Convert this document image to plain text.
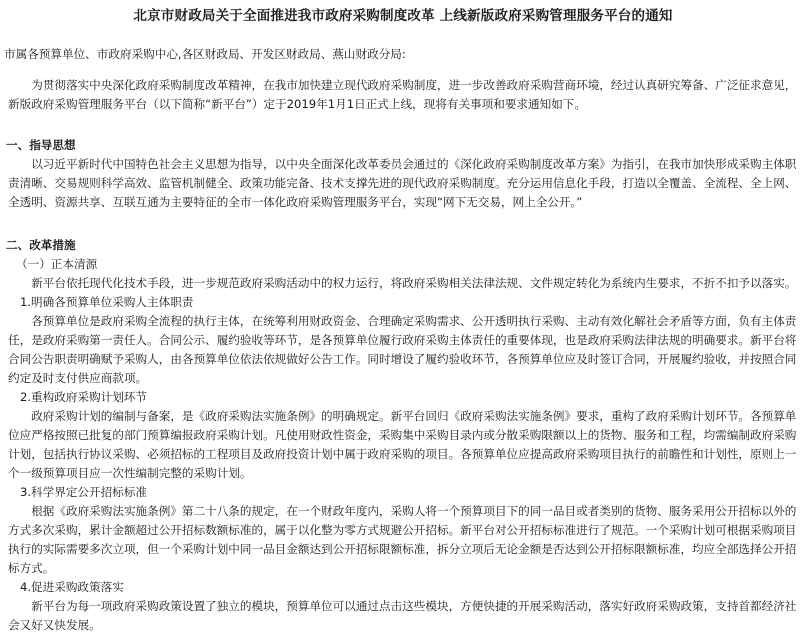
北京市财政局关于全面推进我市政府采购制度改革 上线新版政府采购管理服务平台的通知

市属各预算单位、市政府采购中心,各区财政局、开发区财政局、燕山财政分局:

为贯彻落实中央深化政府采购制度改革精神，在我市加快建立现代政府采购制度，进一步改善政府采购营商环境，经过认真研究筹备、广泛征求意见，新版政府采购管理服务平台（以下简称“新平台”）定于2019年1月1日正式上线，现将有关事项和要求通知如下。

一、指导思想

以习近平新时代中国特色社会主义思想为指导，以中央全面深化改革委员会通过的《深化政府采购制度改革方案》为指引，在我市加快形成采购主体职责清晰、交易规则科学高效、监管机制健全、政策功能完备、技术支撑先进的现代政府采购制度。充分运用信息化手段，打造以全覆盖、全流程、全上网、全透明、资源共享、互联互通为主要特征的全市一体化政府采购管理服务平台，实现“网下无交易，网上全公开。”

二、改革措施

（一）正本清源

新平台依托现代化技术手段，进一步规范政府采购活动中的权力运行，将政府采购相关法律法规、文件规定转化为系统内生要求，不折不扣予以落实。

1.明确各预算单位采购人主体职责

各预算单位是政府采购全流程的执行主体，在统筹利用财政资金、合理确定采购需求、公开透明执行采购、主动有效化解社会矛盾等方面，负有主体责任，是政府采购第一责任人。合同公示、履约验收等环节，是各预算单位履行政府采购主体责任的重要体现，也是政府采购法律法规的明确要求。新平台将合同公告职责明确赋予采购人，由各预算单位依法依规做好公告工作。同时增设了履约验收环节，各预算单位应及时签订合同，开展履约验收，并按照合同约定及时支付供应商款项。

2.重构政府采购计划环节

政府采购计划的编制与备案，是《政府采购法实施条例》的明确规定。新平台回归《政府采购法实施条例》要求，重构了政府采购计划环节。各预算单位应严格按照已批复的部门预算编报政府采购计划。凡使用财政性资金，采购集中采购目录内或分散采购限额以上的货物、服务和工程，均需编制政府采购计划，包括执行协议采购、必须招标的工程项目及政府投资计划中属于政府采购的项目。各预算单位应提高政府采购项目执行的前瞻性和计划性，原则上一个一级预算项目应一次性编制完整的采购计划。

3.科学界定公开招标标准

根据《政府采购法实施条例》第二十八条的规定，在一个财政年度内，采购人将一个预算项目下的同一品目或者类别的货物、服务采用公开招标以外的方式多次采购，累计金额超过公开招标数额标准的，属于以化整为零方式规避公开招标。新平台对公开招标标准进行了规范。一个采购计划可根据采购项目执行的实际需要多次立项，但一个采购计划中同一品目金额达到公开招标限额标准，拆分立项后无论金额是否达到公开招标限额标准，均应全部选择公开招标方式。

4.促进采购政策落实

新平台为每一项政府采购政策设置了独立的模块，预算单位可以通过点击这些模块，方便快捷的开展采购活动，落实好政府采购政策，支持首都经济社会又好又快发展。
